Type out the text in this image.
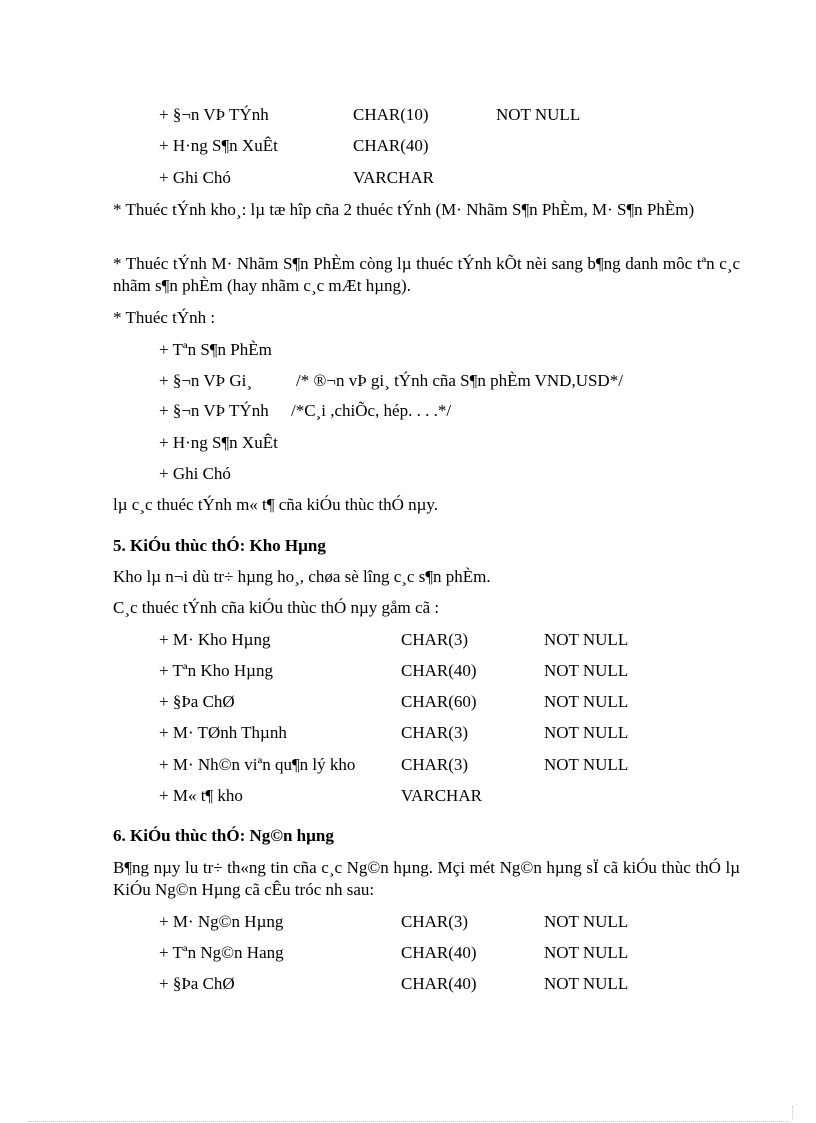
+ §¬n VÞ TÝnh	CHAR(10)	NOT NULL
+ H·ng S¶n XuÊt	CHAR(40)
+ Ghi Chó	VARCHAR
* Thuéc tÝnh kho¸: lµ tæ hîp cña 2 thuéc tÝnh (M· Nhãm S¶n PhÈm, M· S¶n PhÈm)
* Thuéc tÝnh M· Nhãm S¶n PhÈm còng lµ thuéc tÝnh kÕt nèi sang b¶ng danh môc tªn c¸c nhãm s¶n phÈm (hay nhãm c¸c mÆt hµng).
* Thuéc tÝnh :
+ Tªn S¶n PhÈm
+ §¬n VÞ Gi¸	/* ®¬n vÞ gi¸ tÝnh cña S¶n phÈm VND,USD*/
+ §¬n VÞ TÝnh /*C¸i ,chiÕc, hép. . . .*/
+ H·ng S¶n XuÊt
+ Ghi Chó
lµ c¸c thuéc tÝnh m« t¶ cña kiÓu thùc thÓ nµy.
5. KiÓu thùc thÓ: Kho Hµng
Kho lµ n¬i dù tr÷ hµng ho¸, chøa sè lîng c¸c s¶n phÈm.
C¸c thuéc tÝnh cña kiÓu thùc thÓ nµy gåm cã :
+ M· Kho Hµng	CHAR(3)	NOT NULL
+ Tªn Kho Hµng	CHAR(40)	NOT NULL
+ §Þa ChØ	CHAR(60)	NOT NULL
+ M· TØnh Thµnh	CHAR(3)	NOT NULL
+ M· Nh©n viªn qu¶n lý kho	CHAR(3)	NOT NULL
+ M« t¶ kho	VARCHAR
6. KiÓu thùc thÓ: Ng©n hµng
B¶ng nµy lu tr÷ th«ng tin cña c¸c Ng©n hµng. Mçi mét Ng©n hµng sÏ cã kiÓu thùc thÓ lµ KiÓu Ng©n Hµng cã cÊu tróc nh sau:
+ M· Ng©n Hµng	CHAR(3)	NOT NULL
+ Tªn Ng©n Hang	CHAR(40)	NOT NULL
+ §Þa ChØ	CHAR(40)	NOT NULL
